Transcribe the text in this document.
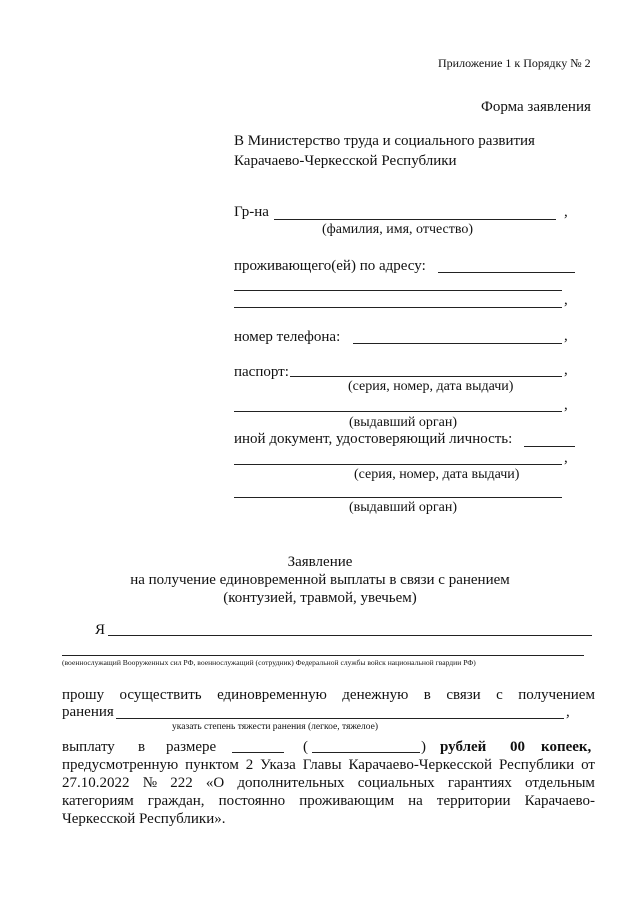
Приложение 1 к Порядку № 2
Форма заявления
В Министерство труда и социального развития
Карачаево-Черкесской Республики
Гр-на	,
(фамилия, имя, отчество)
проживающего(ей) по адресу:
,
номер телефона:	,
паспорт:	,
(серия, номер, дата выдачи)
,
(выдавший орган)
иной документ, удостоверяющий личность:
,
(серия, номер, дата выдачи)
(выдавший орган)
Заявление
на получение единовременной выплаты в связи с ранением
(контузией, травмой, увечьем)
Я
(военнослужащий Вооруженных сил РФ, военнослужащий (сотрудник) Федеральной службы войск национальной гвардии РФ)
прошу осуществить единовременную денежную в связи с получением
ранения	,
указать степень тяжести ранения (легкое, тяжелое)
выплату в размере	(	) рублей 00 копеек,
предусмотренную пунктом 2 Указа Главы Карачаево-Черкесской Республики от
27.10.2022 № 222 «О дополнительных социальных гарантиях отдельным
категориям граждан, постоянно проживающим на территории Карачаево-
Черкесской Республики».
